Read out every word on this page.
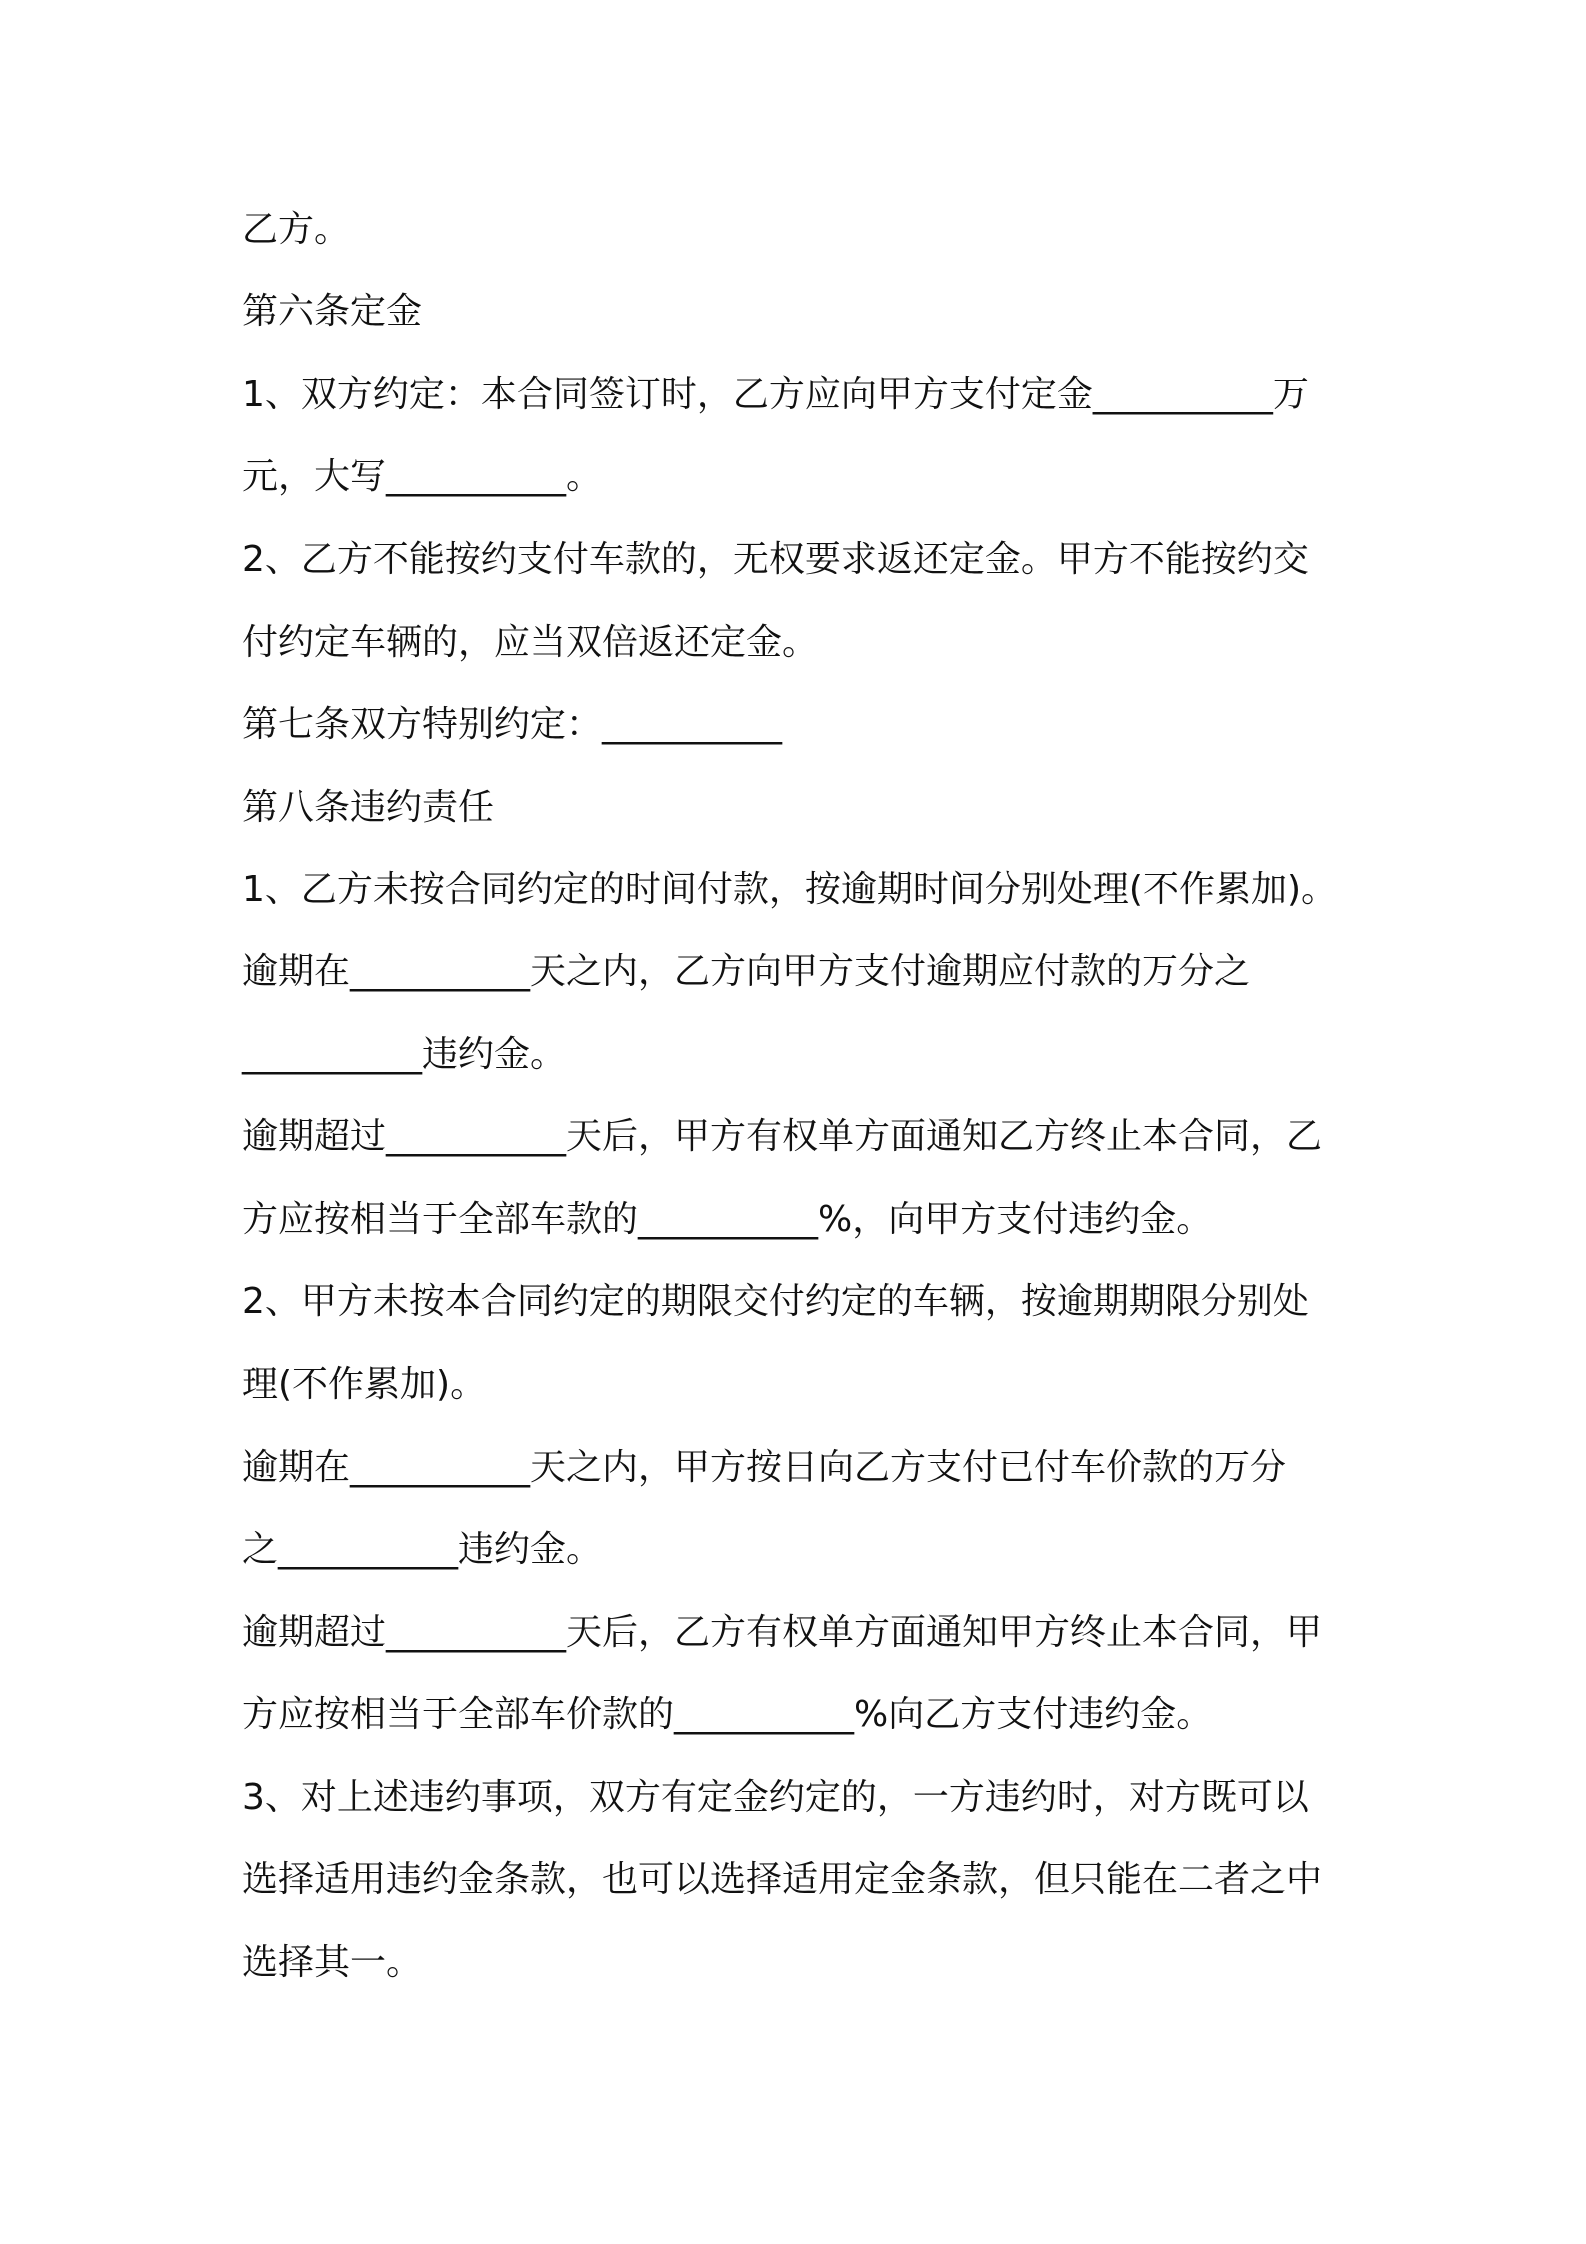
乙方。
第六条定金
1、双方约定：本合同签订时，乙方应向甲方支付定金__________万
元，大写__________。
2、乙方不能按约支付车款的，无权要求返还定金。甲方不能按约交
付约定车辆的，应当双倍返还定金。
第七条双方特别约定：__________
第八条违约责任
1、乙方未按合同约定的时间付款，按逾期时间分别处理(不作累加)。
逾期在__________天之内，乙方向甲方支付逾期应付款的万分之
__________违约金。
逾期超过__________天后，甲方有权单方面通知乙方终止本合同，乙
方应按相当于全部车款的__________%，向甲方支付违约金。
2、甲方未按本合同约定的期限交付约定的车辆，按逾期期限分别处
理(不作累加)。
逾期在__________天之内，甲方按日向乙方支付已付车价款的万分
之__________违约金。
逾期超过__________天后，乙方有权单方面通知甲方终止本合同，甲
方应按相当于全部车价款的__________%向乙方支付违约金。
3、对上述违约事项，双方有定金约定的，一方违约时，对方既可以
选择适用违约金条款，也可以选择适用定金条款，但只能在二者之中
选择其一。
